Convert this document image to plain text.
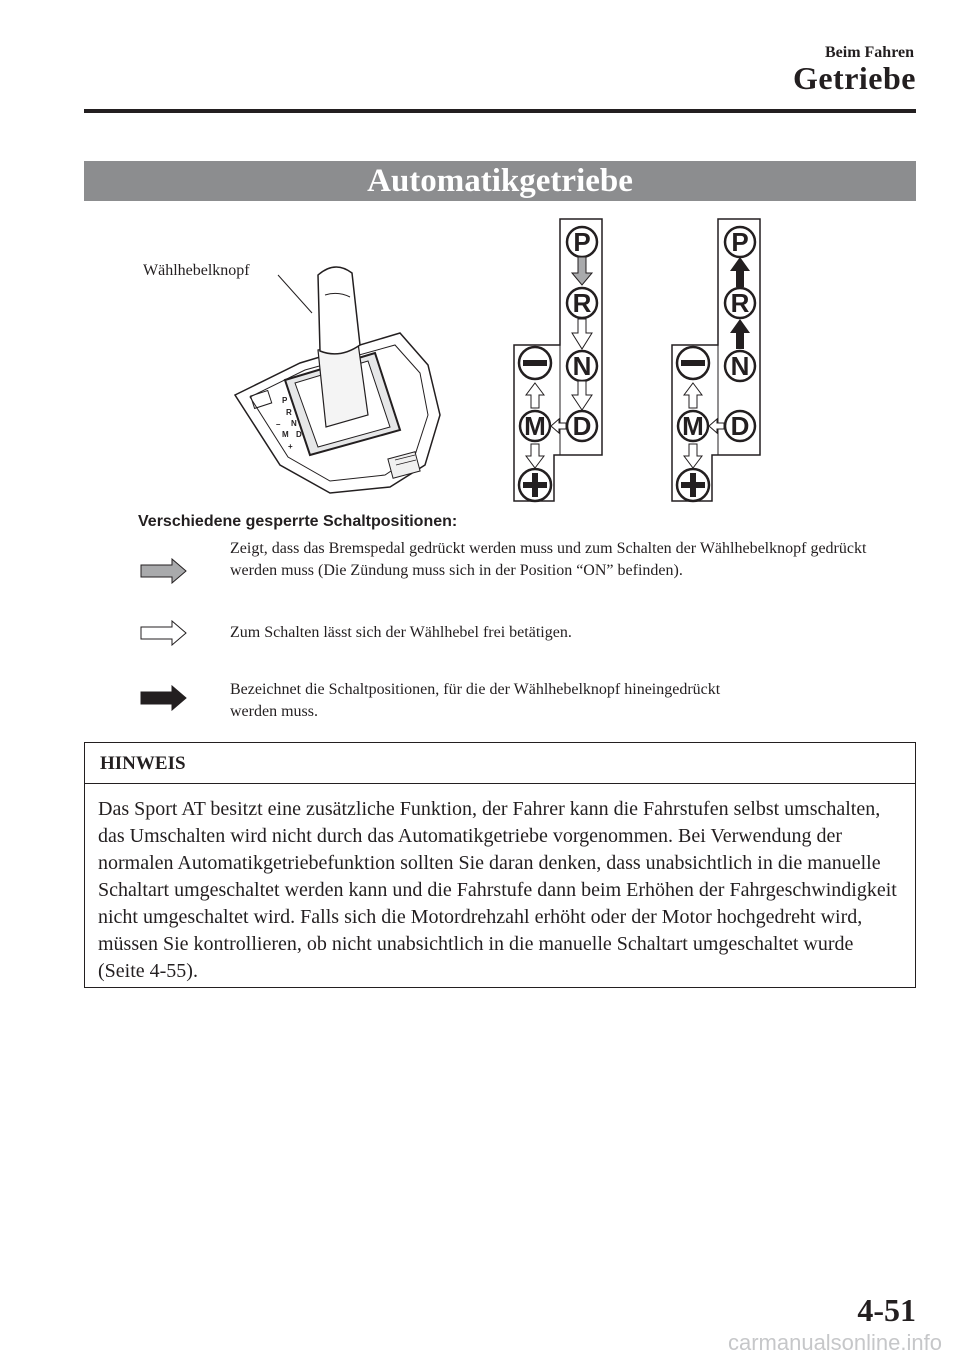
Beim Fahren
Getriebe
Automatikgetriebe
Wählhebelknopf
P
R
N
D
M
+
–
P
R
N
D
M
P
R
N
D
M
Verschiedene gesperrte Schaltpositionen:
Zeigt, dass das Bremspedal gedrückt werden muss und zum Schalten der Wählhebelknopf gedrückt werden muss (Die Zündung muss sich in der Position “ON” befinden).
Zum Schalten lässt sich der Wählhebel frei betätigen.
Bezeichnet die Schaltpositionen, für die der Wählhebelknopf hineingedrückt werden muss.
HINWEIS
Das Sport AT besitzt eine zusätzliche Funktion, der Fahrer kann die Fahrstufen selbst umschalten, das Umschalten wird nicht durch das Automatikgetriebe vorgenommen. Bei Verwendung der normalen Automatikgetriebefunktion sollten Sie daran denken, dass unabsichtlich in die manuelle Schaltart umgeschaltet werden kann und die Fahrstufe dann beim Erhöhen der Fahrgeschwindigkeit nicht umgeschaltet wird. Falls sich die Motordrehzahl erhöht oder der Motor hochgedreht wird, müssen Sie kontrollieren, ob nicht unabsichtlich in die manuelle Schaltart umgeschaltet wurde (Seite 4-55).
4-51
carmanualsonline.info
